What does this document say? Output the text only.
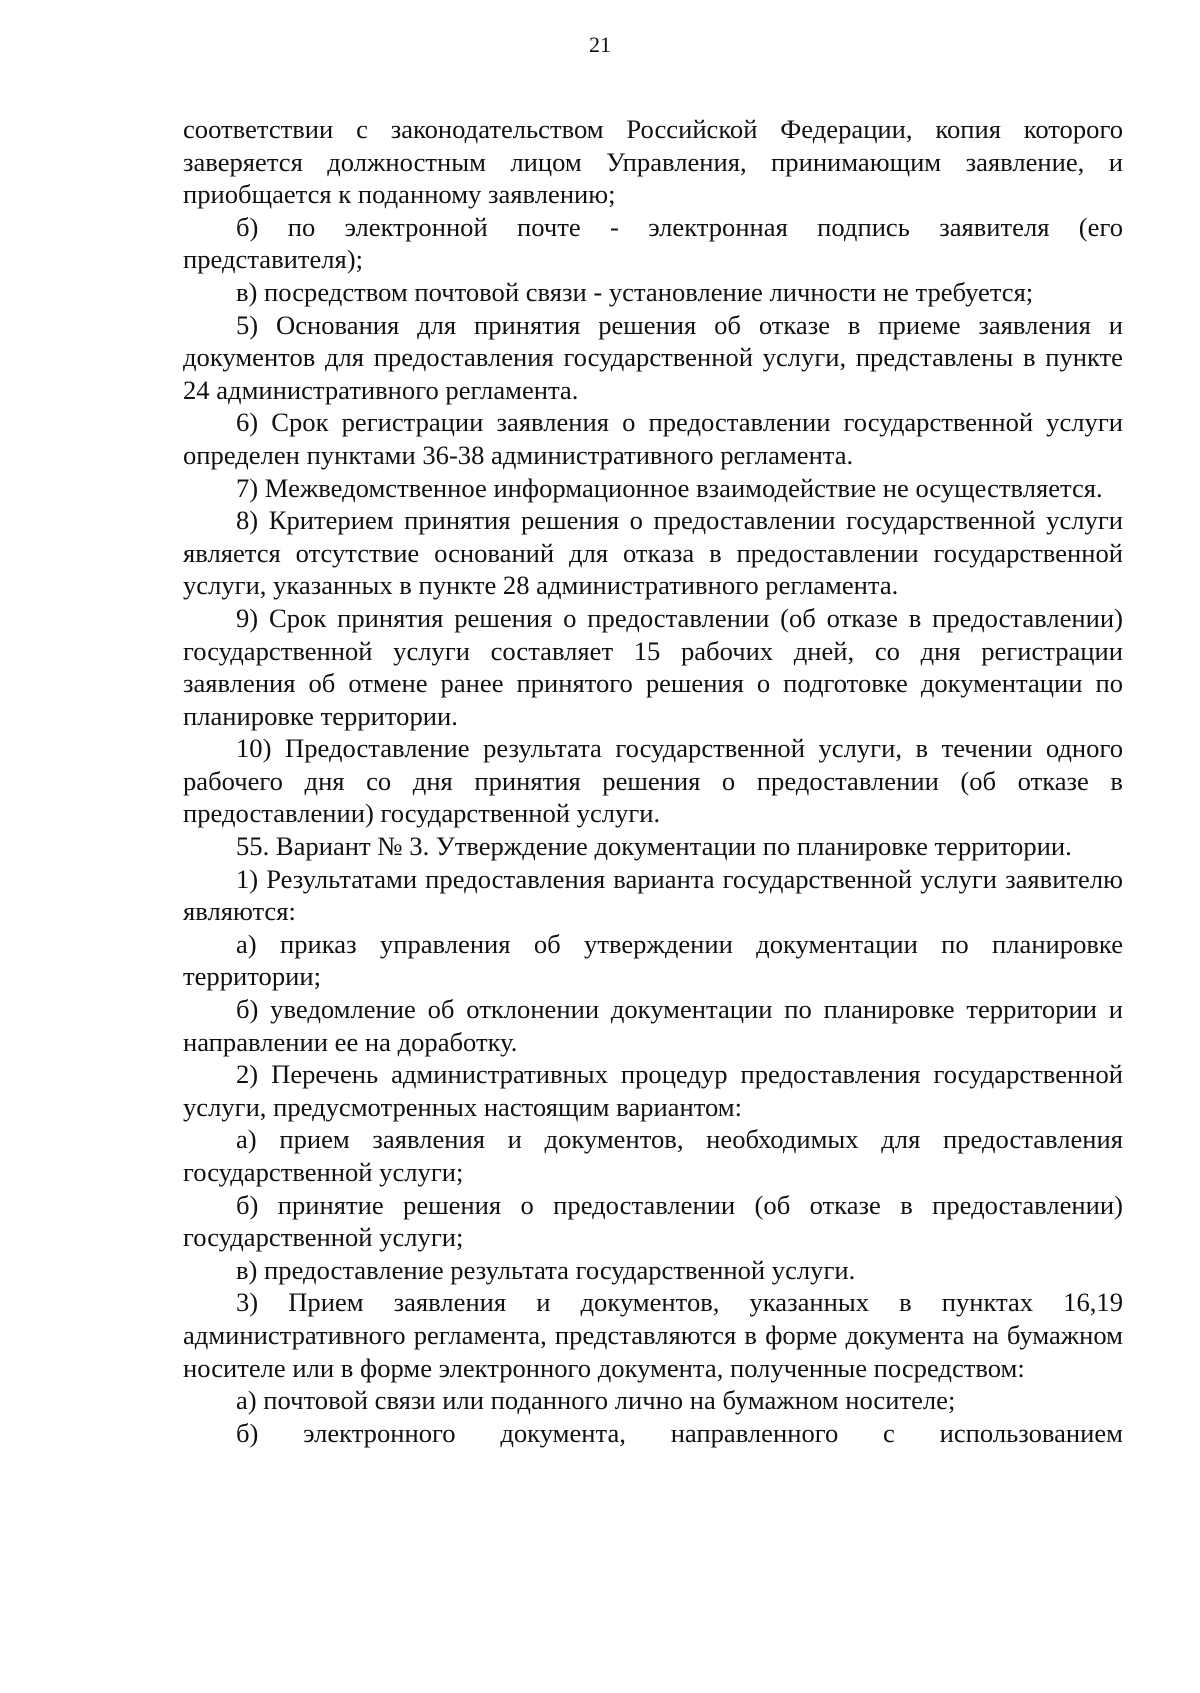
21

соответствии с законодательством Российской Федерации, копия которого заверяется должностным лицом Управления, принимающим заявление, и приобщается к поданному заявлению;

б) по электронной почте - электронная подпись заявителя (его представителя);

в) посредством почтовой связи - установление личности не требуется;

5) Основания для принятия решения об отказе в приеме заявления и документов для предоставления государственной услуги, представлены в пункте 24 административного регламента.

6) Срок регистрации заявления о предоставлении государственной услуги определен пунктами 36-38 административного регламента.

7) Межведомственное информационное взаимодействие не осуществляется.

8) Критерием принятия решения о предоставлении государственной услуги является отсутствие оснований для отказа в предоставлении государственной услуги, указанных в пункте 28 административного регламента.

9) Срок принятия решения о предоставлении (об отказе в предоставлении) государственной услуги составляет 15 рабочих дней, со дня регистрации заявления об отмене ранее принятого решения о подготовке документации по планировке территории.

10) Предоставление результата государственной услуги, в течении одного рабочего дня со дня принятия решения о предоставлении (об отказе в предоставлении) государственной услуги.

55. Вариант № 3. Утверждение документации по планировке территории.

1) Результатами предоставления варианта государственной услуги заявителю являются:

а) приказ управления об утверждении документации по планировке территории;

б) уведомление об отклонении документации по планировке территории и направлении ее на доработку.

2) Перечень административных процедур предоставления государственной услуги, предусмотренных настоящим вариантом:

а) прием заявления и документов, необходимых для предоставления государственной услуги;

б) принятие решения о предоставлении (об отказе в предоставлении) государственной услуги;

в) предоставление результата государственной услуги.

3) Прием заявления и документов, указанных в пунктах 16,19 административного регламента, представляются в форме документа на бумажном носителе или в форме электронного документа, полученные посредством:

а) почтовой связи или поданного лично на бумажном носителе;

б) электронного документа, направленного с использованием
